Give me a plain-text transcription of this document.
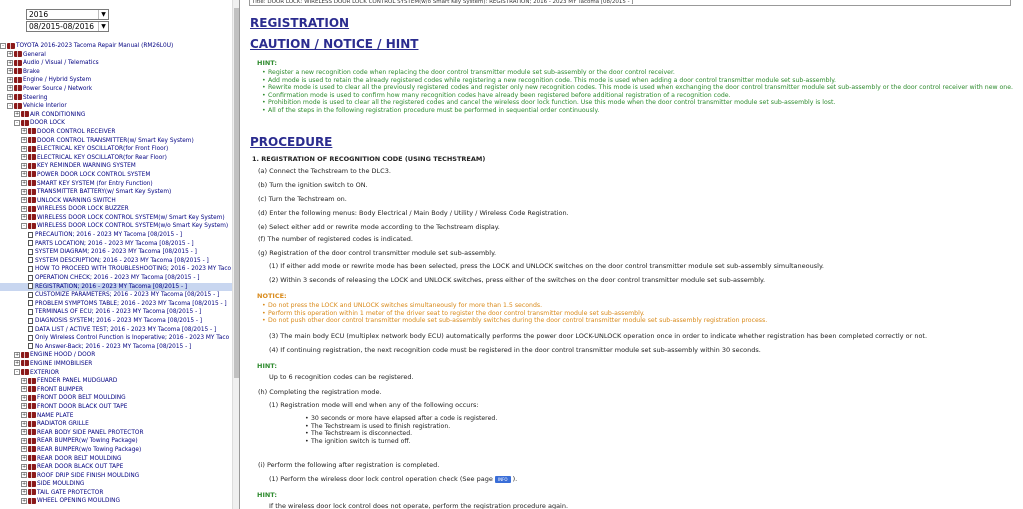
2016	▼
08/2015-08/2016	▼
- TOYOTA 2016-2023 Tacoma Repair Manual (RM26L0U)
+ General
+ Audio / Visual / Telematics
+ Brake
+ Engine / Hybrid System
+ Power Source / Network
+ Steering
- Vehicle Interior
+ AIR CONDITIONING
- DOOR LOCK
+ DOOR CONTROL RECEIVER
+ DOOR CONTROL TRANSMITTER(w/ Smart Key System)
+ ELECTRICAL KEY OSCILLATOR(for Front Floor)
+ ELECTRICAL KEY OSCILLATOR(for Rear Floor)
+ KEY REMINDER WARNING SYSTEM
+ POWER DOOR LOCK CONTROL SYSTEM
+ SMART KEY SYSTEM (for Entry Function)
+ TRANSMITTER BATTERY(w/ Smart Key System)
+ UNLOCK WARNING SWITCH
+ WIRELESS DOOR LOCK BUZZER
+ WIRELESS DOOR LOCK CONTROL SYSTEM(w/ Smart Key System)
- WIRELESS DOOR LOCK CONTROL SYSTEM(w/o Smart Key System)
PRECAUTION; 2016 - 2023 MY Tacoma [08/2015 - ]
PARTS LOCATION; 2016 - 2023 MY Tacoma [08/2015 - ]
SYSTEM DIAGRAM; 2016 - 2023 MY Tacoma [08/2015 - ]
SYSTEM DESCRIPTION; 2016 - 2023 MY Tacoma [08/2015 - ]
HOW TO PROCEED WITH TROUBLESHOOTING; 2016 - 2023 MY Taco
OPERATION CHECK; 2016 - 2023 MY Tacoma [08/2015 - ]
REGISTRATION; 2016 - 2023 MY Tacoma [08/2015 - ]
CUSTOMIZE PARAMETERS; 2016 - 2023 MY Tacoma [08/2015 - ]
PROBLEM SYMPTOMS TABLE; 2016 - 2023 MY Tacoma [08/2015 - ]
TERMINALS OF ECU; 2016 - 2023 MY Tacoma [08/2015 - ]
DIAGNOSIS SYSTEM; 2016 - 2023 MY Tacoma [08/2015 - ]
DATA LIST / ACTIVE TEST; 2016 - 2023 MY Tacoma [08/2015 - ]
Only Wireless Control Function is Inoperative; 2016 - 2023 MY Taco
No Answer-Back; 2016 - 2023 MY Tacoma [08/2015 - ]
+ ENGINE HOOD / DOOR
+ ENGINE IMMOBILISER
- EXTERIOR
+ FENDER PANEL MUDGUARD
+ FRONT BUMPER
+ FRONT DOOR BELT MOULDING
+ FRONT DOOR BLACK OUT TAPE
+ NAME PLATE
+ RADIATOR GRILLE
+ REAR BODY SIDE PANEL PROTECTOR
+ REAR BUMPER(w/ Towing Package)
+ REAR BUMPER(w/o Towing Package)
+ REAR DOOR BELT MOULDING
+ REAR DOOR BLACK OUT TAPE
+ ROOF DRIP SIDE FINISH MOULDING
+ SIDE MOULDING
+ TAIL GATE PROTECTOR
+ WHEEL OPENING MOULDING
Title: DOOR LOCK: WIRELESS DOOR LOCK CONTROL SYSTEM(w/o Smart Key System): REGISTRATION; 2016 - 2023 MY Tacoma [08/2015 - ]
REGISTRATION
CAUTION / NOTICE / HINT
HINT:
• Register a new recognition code when replacing the door control transmitter module set sub-assembly or the door control receiver.
• Add mode is used to retain the already registered codes while registering a new recognition code. This mode is used when adding a door control transmitter module set sub-assembly.
• Rewrite mode is used to clear all the previously registered codes and register only new recognition codes. This mode is used when exchanging the door control transmitter module set sub-assembly or the door control receiver with new one.
• Confirmation mode is used to confirm how many recognition codes have already been registered before additional registration of a recognition code.
• Prohibition mode is used to clear all the registered codes and cancel the wireless door lock function. Use this mode when the door control transmitter module set sub-assembly is lost.
• All of the steps in the following registration procedure must be performed in sequential order continuously.
PROCEDURE
1. REGISTRATION OF RECOGNITION CODE (USING TECHSTREAM)
(a) Connect the Techstream to the DLC3.
(b) Turn the ignition switch to ON.
(c) Turn the Techstream on.
(d) Enter the following menus: Body Electrical / Main Body / Utility / Wireless Code Registration.
(e) Select either add or rewrite mode according to the Techstream display.
(f) The number of registered codes is indicated.
(g) Registration of the door control transmitter module set sub-assembly.
(1) If either add mode or rewrite mode has been selected, press the LOCK and UNLOCK switches on the door control transmitter module set sub-assembly simultaneously.
(2) Within 3 seconds of releasing the LOCK and UNLOCK switches, press either of the switches on the door control transmitter module set sub-assembly.
NOTICE:
• Do not press the LOCK and UNLOCK switches simultaneously for more than 1.5 seconds.
• Perform this operation within 1 meter of the driver seat to register the door control transmitter module set sub-assembly.
• Do not push other door control transmitter module set sub-assembly switches during the door control transmitter module set sub-assembly registration process.
(3) The main body ECU (multiplex network body ECU) automatically performs the power door LOCK-UNLOCK operation once in order to indicate whether registration has been completed correctly or not.
(4) If continuing registration, the next recognition code must be registered in the door control transmitter module set sub-assembly within 30 seconds.
HINT:
Up to 6 recognition codes can be registered.
(h) Completing the registration mode.
(1) Registration mode will end when any of the following occurs:
• 30 seconds or more have elapsed after a code is registered.
• The Techstream is used to finish registration.
• The Techstream is disconnected.
• The ignition switch is turned off.
(i) Perform the following after registration is completed.
(1) Perform the wireless door lock control operation check (See page INFO ).
HINT:
If the wireless door lock control does not operate, perform the registration procedure again.
